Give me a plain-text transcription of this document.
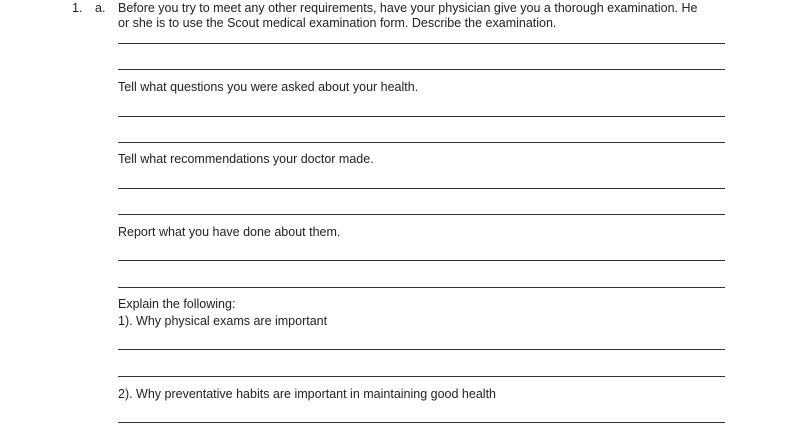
1. a. Before you try to meet any other requirements, have your physician give you a thorough examination. He
or she is to use the Scout medical examination form. Describe the examination.
Tell what questions you were asked about your health.
Tell what recommendations your doctor made.
Report what you have done about them.
Explain the following:
1). Why physical exams are important
2). Why preventative habits are important in maintaining good health
